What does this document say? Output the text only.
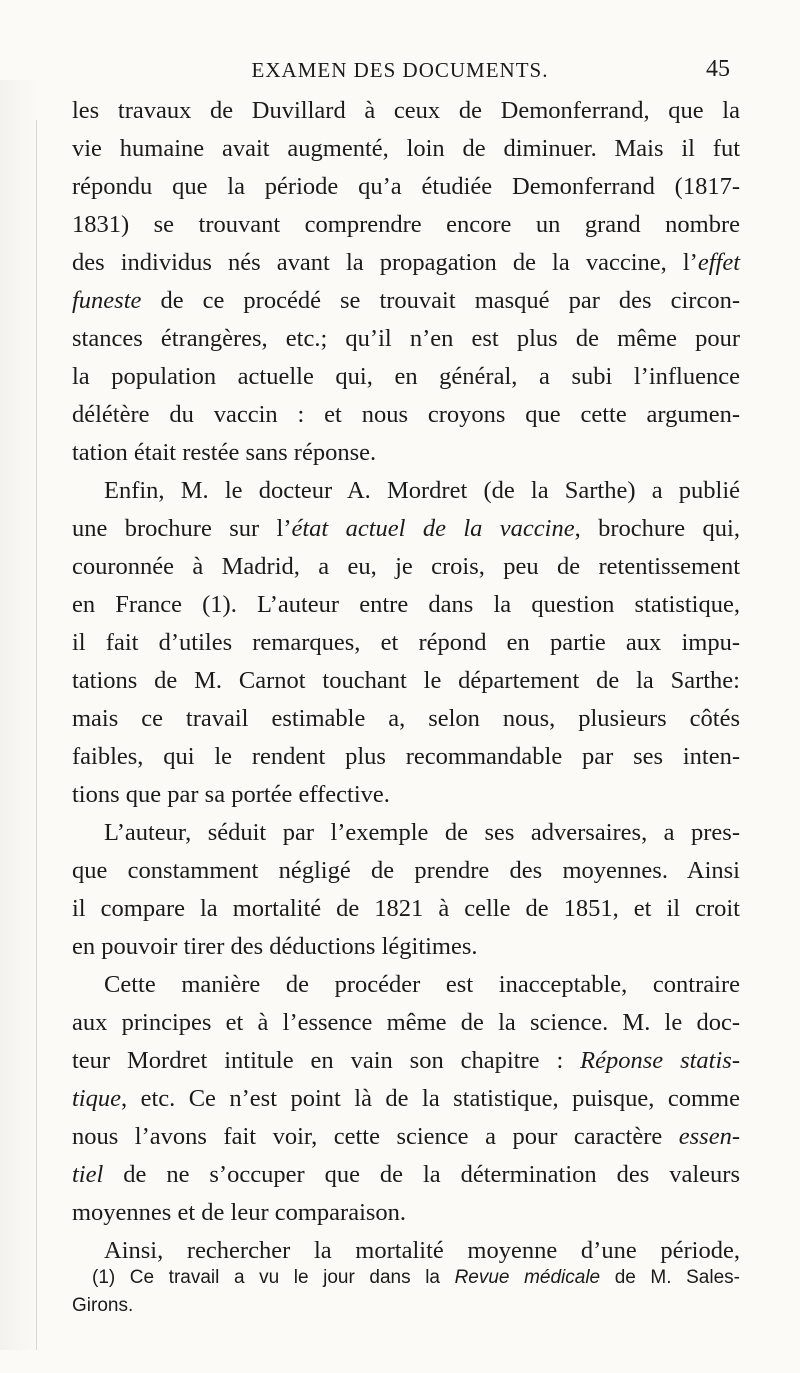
EXAMEN DES DOCUMENTS.	45
les travaux de Duvillard à ceux de Demonferrand, que la
vie humaine avait augmenté, loin de diminuer. Mais il fut
répondu que la période qu’a étudiée Demonferrand (1817-
1831) se trouvant comprendre encore un grand nombre
des individus nés avant la propagation de la vaccine, l’effet
funeste de ce procédé se trouvait masqué par des circon-
stances étrangères, etc.; qu’il n’en est plus de même pour
la population actuelle qui, en général, a subi l’influence
délétère du vaccin : et nous croyons que cette argumen-
tation était restée sans réponse.
Enfin, M. le docteur A. Mordret (de la Sarthe) a publié
une brochure sur l’état actuel de la vaccine, brochure qui,
couronnée à Madrid, a eu, je crois, peu de retentissement
en France (1). L’auteur entre dans la question statistique,
il fait d’utiles remarques, et répond en partie aux impu-
tations de M. Carnot touchant le département de la Sarthe:
mais ce travail estimable a, selon nous, plusieurs côtés
faibles, qui le rendent plus recommandable par ses inten-
tions que par sa portée effective.
L’auteur, séduit par l’exemple de ses adversaires, a pres-
que constamment négligé de prendre des moyennes. Ainsi
il compare la mortalité de 1821 à celle de 1851, et il croit
en pouvoir tirer des déductions légitimes.
Cette manière de procéder est inacceptable, contraire
aux principes et à l’essence même de la science. M. le doc-
teur Mordret intitule en vain son chapitre : Réponse statis-
tique, etc. Ce n’est point là de la statistique, puisque, comme
nous l’avons fait voir, cette science a pour caractère essen-
tiel de ne s’occuper que de la détermination des valeurs
moyennes et de leur comparaison.
Ainsi, rechercher la mortalité moyenne d’une période,
(1) Ce travail a vu le jour dans la Revue médicale de M. Sales-
Girons.
